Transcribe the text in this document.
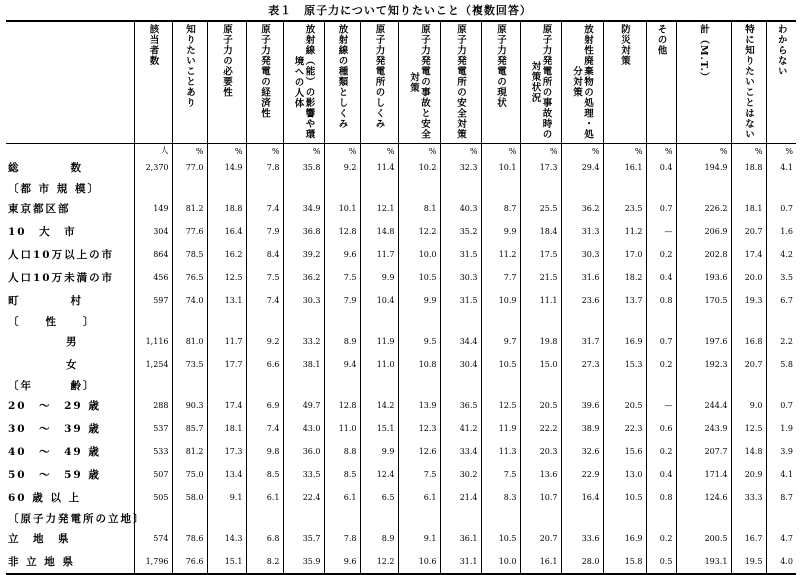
表１　原子力について知りたいこと（複数回答）
	該当者数	知りたいことあり	原子力の必要性	原子力発電の経済性	放射線（能）の影響や環境への人体	放射線の種類としくみ	原子力発電所のしくみ	原子力発電の事故と安全対策	原子力発電所の安全対策	原子力発電の現状	原子力発電所の事故時の対策状況	放射性廃棄物の処理・処分対策	防災対策	その他	計（M.T.）	特に知りたいことはない	わからない
	人	%	%	%	%	%	%	%	%	%	%	%	%	%	%	%	%
総　　　　数	2,370	77.0	14.9	7.8	35.8	9.2	11.4	10.2	32.3	10.1	17.3	29.4	16.1	0.4	194.9	18.8	4.1
〔都 市 規 模〕																	
東京都区部	149	81.2	18.8	7.4	34.9	10.1	12.1	8.1	40.3	8.7	25.5	36.2	23.5	0.7	226.2	18.1	0.7
10　大　市	304	77.6	16.4	7.9	36.8	12.8	14.8	12.2	35.2	9.9	18.4	31.3	11.2	—	206.9	20.7	1.6
人口10万以上の市	864	78.5	16.2	8.4	39.2	9.6	11.7	10.0	31.5	11.2	17.5	30.3	17.0	0.2	202.8	17.4	4.2
人口10万未満の市	456	76.5	12.5	7.5	36.2	7.5	9.9	10.5	30.3	7.7	21.5	31.6	18.2	0.4	193.6	20.0	3.5
町　　　　村	597	74.0	13.1	7.4	30.3	7.9	10.4	9.9	31.5	10.9	11.1	23.6	13.7	0.8	170.5	19.3	6.7
〔　　性　　〕																	
男	1,116	81.0	11.7	9.2	33.2	8.9	11.9	9.5	34.4	9.7	19.8	31.7	16.9	0.7	197.6	16.8	2.2
女	1,254	73.5	17.7	6.6	38.1	9.4	11.0	10.8	30.4	10.5	15.0	27.3	15.3	0.2	192.3	20.7	5.8
〔年　　　齢〕																	
20　〜　29 歳	288	90.3	17.4	6.9	49.7	12.8	14.2	13.9	36.5	12.5	20.5	39.6	20.5	—	244.4	9.0	0.7
30　〜　39 歳	537	85.7	18.1	7.4	43.0	11.0	15.1	12.3	41.2	11.9	22.2	38.9	22.3	0.6	243.9	12.5	1.9
40　〜　49 歳	533	81.2	17.3	9.8	36.0	8.8	9.9	12.6	33.4	11.3	20.3	32.6	15.6	0.2	207.7	14.8	3.9
50　〜　59 歳	507	75.0	13.4	8.5	33.5	8.5	12.4	7.5	30.2	7.5	13.6	22.9	13.0	0.4	171.4	20.9	4.1
60 歳 以 上	505	58.0	9.1	6.1	22.4	6.1	6.5	6.1	21.4	8.3	10.7	16.4	10.5	0.8	124.6	33.3	8.7
〔原子力発電所の立地〕																	
立　地　県	574	78.6	14.3	6.8	35.7	7.8	8.9	9.1	36.1	10.5	20.7	33.6	16.9	0.2	200.5	16.7	4.7
非 立 地 県	1,796	76.6	15.1	8.2	35.9	9.6	12.2	10.6	31.1	10.0	16.1	28.0	15.8	0.5	193.1	19.5	4.0
